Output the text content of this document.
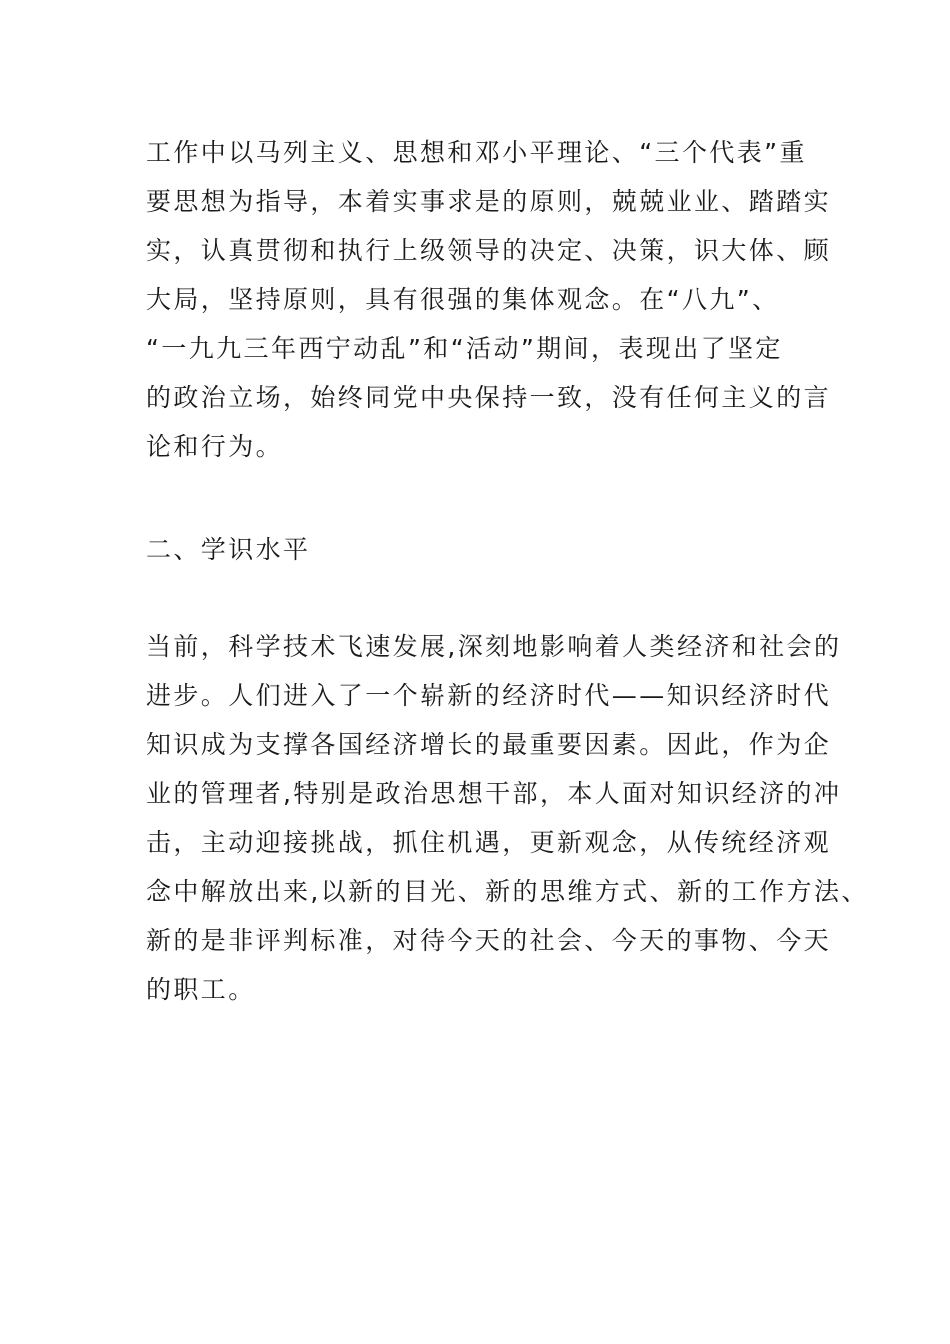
工作中以马列主义、思想和邓小平理论、“三个代表”重
要思想为指导，本着实事求是的原则，兢兢业业、踏踏实
实，认真贯彻和执行上级领导的决定、决策，识大体、顾
大局，坚持原则，具有很强的集体观念。在“八九”、
“一九九三年西宁动乱”和“活动”期间，表现出了坚定
的政治立场，始终同党中央保持一致，没有任何主义的言
论和行为。

二、学识水平

当前，科学技术飞速发展,深刻地影响着人类经济和社会的
进步。人们进入了一个崭新的经济时代——知识经济时代
知识成为支撑各国经济增长的最重要因素。因此，作为企
业的管理者,特别是政治思想干部，本人面对知识经济的冲
击，主动迎接挑战，抓住机遇，更新观念，从传统经济观
念中解放出来,以新的目光、新的思维方式、新的工作方法、
新的是非评判标准，对待今天的社会、今天的事物、今天
的职工。
